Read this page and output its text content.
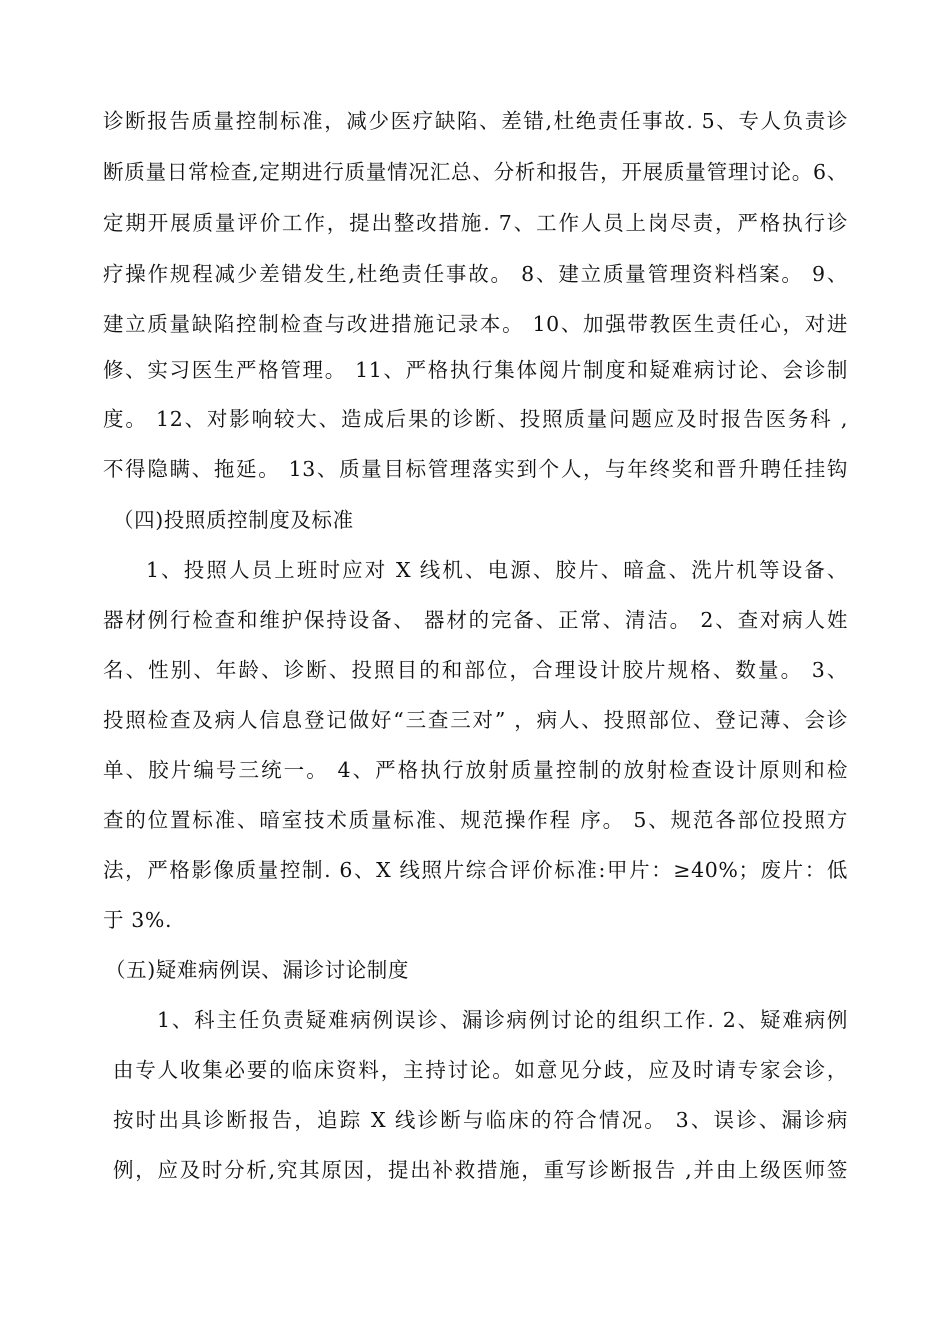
诊断报告质量控制标准，减少医疗缺陷、差错,杜绝责任事故. 5、专人负责诊
断质量日常检查,定期进行质量情况汇总、分析和报告，开展质量管理讨论。6、
定期开展质量评价工作，提出整改措施. 7、工作人员上岗尽责，严格执行诊
疗操作规程减少差错发生,杜绝责任事故。 8、建立质量管理资料档案。 9、
建立质量缺陷控制检查与改进措施记录本。 10、加强带教医生责任心，对进
修、实习医生严格管理。 11、严格执行集体阅片制度和疑难病讨论、会诊制
度。 12、对影响较大、造成后果的诊断、投照质量问题应及时报告医务科 ,
不得隐瞒、拖延。 13、质量目标管理落实到个人，与年终奖和晋升聘任挂钩
（四)投照质控制度及标准
1、投照人员上班时应对 X 线机、电源、胶片、暗盒、洗片机等设备、
器材例行检查和维护保持设备、 器材的完备、正常、清洁。 2、查对病人姓
名、性别、年龄、诊断、投照目的和部位，合理设计胶片规格、数量。 3、
投照检查及病人信息登记做好“三查三对” ，病人、投照部位、登记薄、会诊
单、胶片编号三统一。 4、严格执行放射质量控制的放射检查设计原则和检
查的位置标准、暗室技术质量标准、规范操作程 序。 5、规范各部位投照方
法，严格影像质量控制. 6、X 线照片综合评价标准:甲片：≥40%；废片：低
于 3%.
（五)疑难病例误、漏诊讨论制度
1、科主任负责疑难病例误诊、漏诊病例讨论的组织工作. 2、疑难病例
由专人收集必要的临床资料，主持讨论。如意见分歧，应及时请专家会诊，
按时出具诊断报告，追踪 X 线诊断与临床的符合情况。 3、误诊、漏诊病
例，应及时分析,究其原因，提出补救措施，重写诊断报告 ,并由上级医师签
